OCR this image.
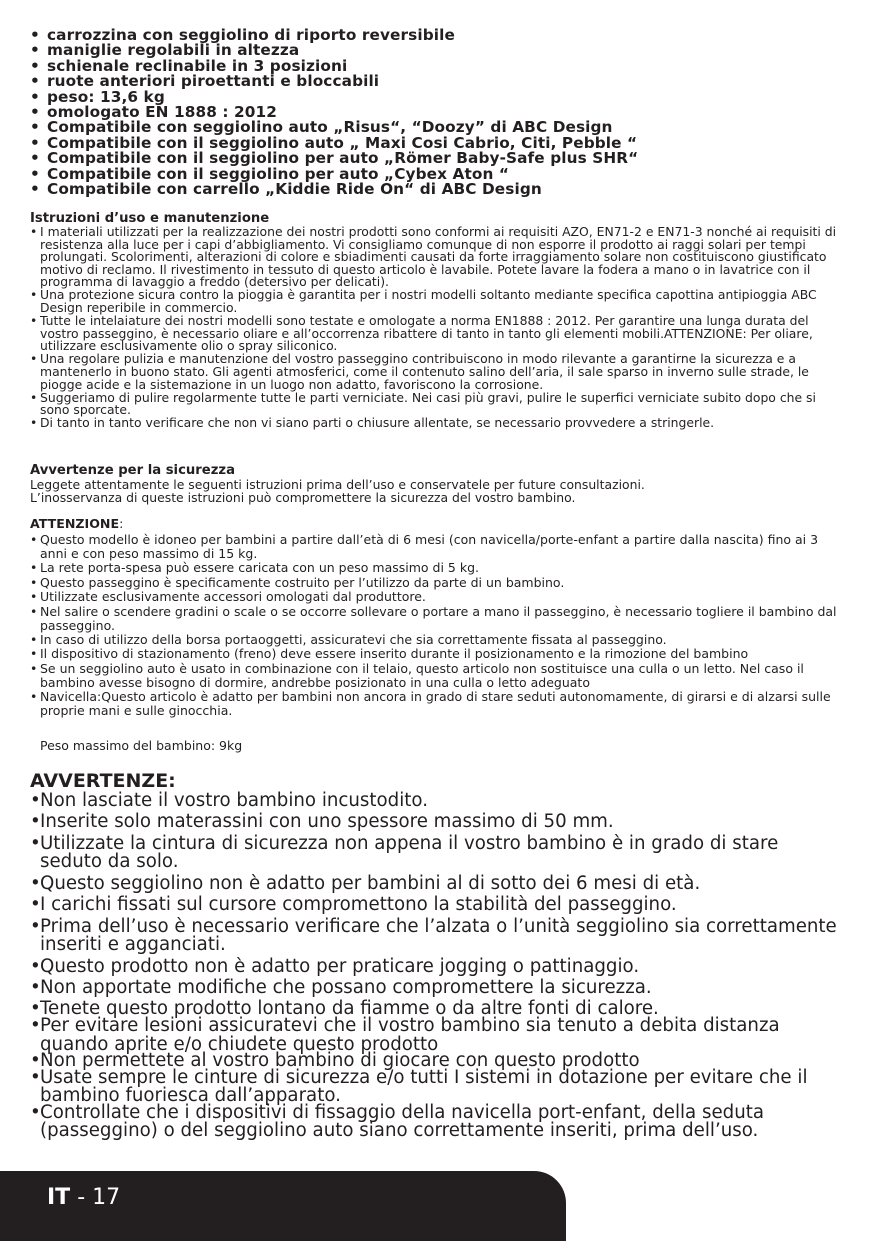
• carrozzina con seggiolino di riporto reversibile
• maniglie regolabili in altezza
• schienale reclinabile in 3 posizioni
• ruote anteriori piroettanti e bloccabili
• peso: 13,6 kg
• omologato EN 1888 : 2012
• Compatibile con seggiolino auto „Risus“, “Doozy” di ABC Design
• Compatibile con il seggiolino auto „ Maxi Cosi Cabrio, Citi, Pebble “
• Compatibile con il seggiolino per auto „Römer Baby-Safe plus SHR“
• Compatibile con il seggiolino per auto „Cybex Aton “
• Compatibile con carrello „Kiddie Ride On“ di ABC Design
Istruzioni d’uso e manutenzione
• I materiali utilizzati per la realizzazione dei nostri prodotti sono conformi ai requisiti AZO, EN71-2 e EN71-3 nonché ai requisiti di resistenza alla luce per i capi d’abbigliamento. Vi consigliamo comunque di non esporre il prodotto ai raggi solari per tempi prolungati. Scolorimenti, alterazioni di colore e sbiadimenti causati da forte irraggiamento solare non costituiscono giustificato motivo di reclamo. Il rivestimento in tessuto di questo articolo è lavabile. Potete lavare la fodera a mano o in lavatrice con il programma di lavaggio a freddo (detersivo per delicati).
• Una protezione sicura contro la pioggia è garantita per i nostri modelli soltanto mediante specifica capottina antipioggia ABC Design reperibile in commercio.
• Tutte le intelaiature dei nostri modelli sono testate e omologate a norma EN1888 : 2012. Per garantire una lunga durata del vostro passeggino, è necessario oliare e all’occorrenza ribattere di tanto in tanto gli elementi mobili.ATTENZIONE: Per oliare, utilizzare esclusivamente olio o spray siliconico.
• Una regolare pulizia e manutenzione del vostro passeggino contribuiscono in modo rilevante a garantirne la sicurezza e a mantenerlo in buono stato. Gli agenti atmosferici, come il contenuto salino dell’aria, il sale sparso in inverno sulle strade, le piogge acide e la sistemazione in un luogo non adatto, favoriscono la corrosione.
• Suggeriamo di pulire regolarmente tutte le parti verniciate. Nei casi più gravi, pulire le superfici verniciate subito dopo che si sono sporcate.
• Di tanto in tanto verificare che non vi siano parti o chiusure allentate, se necessario provvedere a stringerle.
Avvertenze per la sicurezza

Leggete attentamente le seguenti istruzioni prima dell’uso e conservatele per future consultazioni.
L’inosservanza di queste istruzioni può compromettere la sicurezza del vostro bambino.

ATTENZIONE:
• Questo modello è idoneo per bambini a partire dall’età di 6 mesi (con navicella/porte-enfant a partire dalla nascita) fino ai 3 anni e con peso massimo di 15 kg.
• La rete porta-spesa può essere caricata con un peso massimo di 5 kg.
• Questo passeggino è specificamente costruito per l’utilizzo da parte di un bambino.
• Utilizzate esclusivamente accessori omologati dal produttore.
• Nel salire o scendere gradini o scale o se occorre sollevare o portare a mano il passeggino, è necessario togliere il bambino dal passeggino.
• In caso di utilizzo della borsa portaoggetti, assicuratevi che sia correttamente fissata al passeggino.
• Il dispositivo di stazionamento (freno) deve essere inserito durante il posizionamento e la rimozione del bambino
• Se un seggiolino auto è usato in combinazione con il telaio, questo articolo non sostituisce una culla o un letto. Nel caso il bambino avesse bisogno di dormire, andrebbe posizionato in una culla o letto adeguato
• Navicella:Questo articolo è adatto per bambini non ancora in grado di stare seduti autonomamente, di girarsi e di alzarsi sulle proprie mani e sulle ginocchia.
Peso massimo del bambino: 9kg
AVVERTENZE:
• Non lasciate il vostro bambino incustodito.
• Inserite solo materassini con uno spessore massimo di 50 mm.
• Utilizzate la cintura di sicurezza non appena il vostro bambino è in grado di stare seduto da solo.
• Questo seggiolino non è adatto per bambini al di sotto dei 6 mesi di età.
• I carichi fissati sul cursore compromettono la stabilità del passeggino.
• Prima dell’uso è necessario verificare che l’alzata o l’unità seggiolino sia correttamente inseriti e agganciati.
• Questo prodotto non è adatto per praticare jogging o pattinaggio.
• Non apportate modifiche che possano compromettere la sicurezza.
• Tenete questo prodotto lontano da fiamme o da altre fonti di calore.
• Per evitare lesioni assicuratevi che il vostro bambino sia tenuto a debita distanza quando aprite e/o chiudete questo prodotto
• Non permettete al vostro bambino di giocare con questo prodotto
• Usate sempre le cinture di sicurezza e/o tutti I sistemi in dotazione per evitare che il bambino fuoriesca dall’apparato.
• Controllate che i dispositivi di fissaggio della navicella port-enfant, della seduta (passeggino) o del seggiolino auto siano correttamente inseriti, prima dell’uso.
IT - 17
